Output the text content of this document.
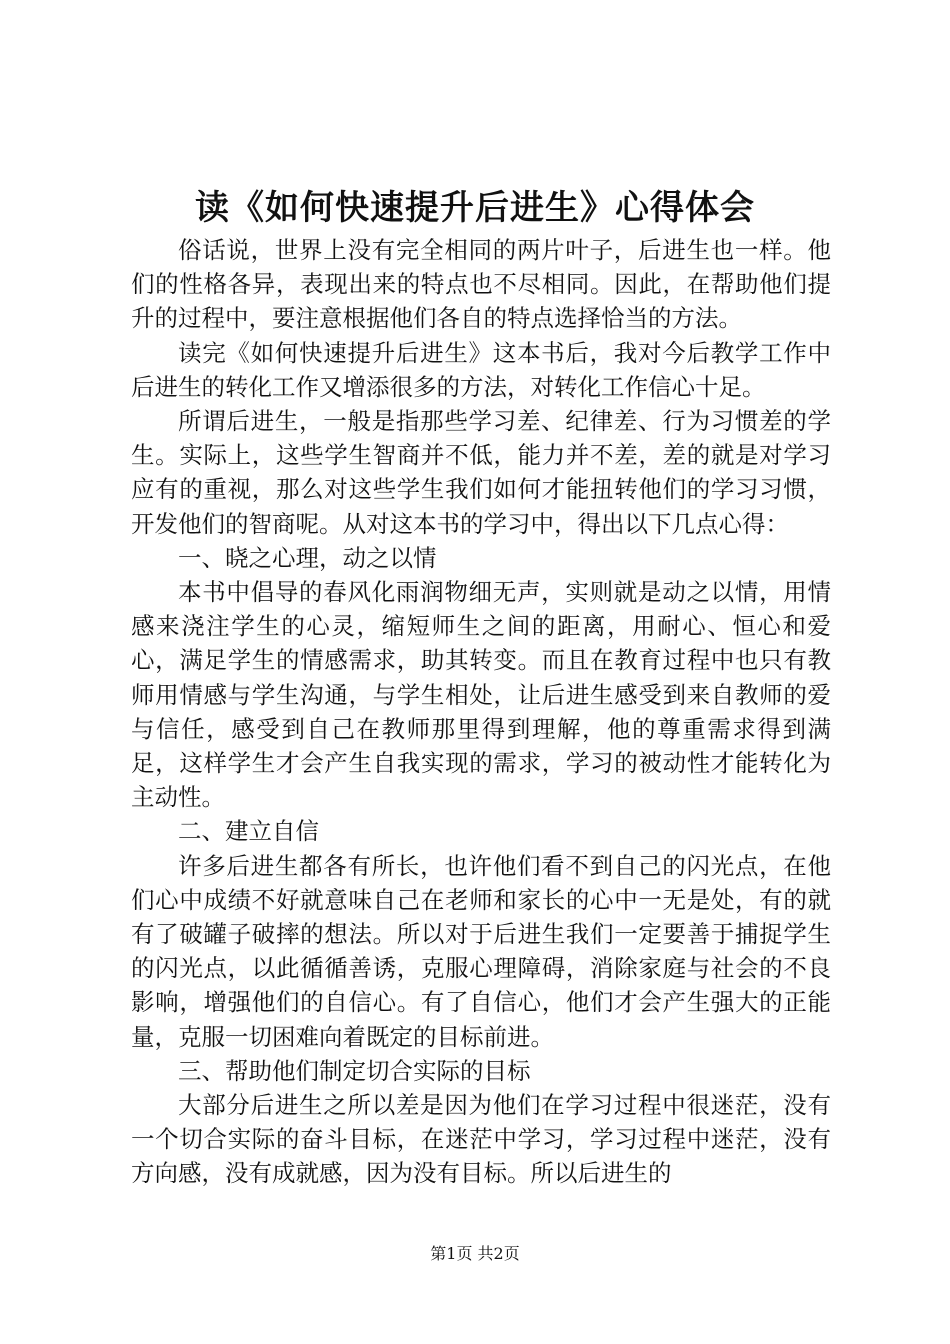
读《如何快速提升后进生》心得体会

俗话说，世界上没有完全相同的两片叶子，后进生也一样。他们的性格各异，表现出来的特点也不尽相同。因此，在帮助他们提升的过程中，要注意根据他们各自的特点选择恰当的方法。

读完《如何快速提升后进生》这本书后，我对今后教学工作中后进生的转化工作又增添很多的方法，对转化工作信心十足。

所谓后进生，一般是指那些学习差、纪律差、行为习惯差的学生。实际上，这些学生智商并不低，能力并不差，差的就是对学习应有的重视，那么对这些学生我们如何才能扭转他们的学习习惯，开发他们的智商呢。从对这本书的学习中，得出以下几点心得：

一、晓之心理，动之以情

本书中倡导的春风化雨润物细无声，实则就是动之以情，用情感来浇注学生的心灵，缩短师生之间的距离，用耐心、恒心和爱心，满足学生的情感需求，助其转变。而且在教育过程中也只有教师用情感与学生沟通，与学生相处，让后进生感受到来自教师的爱与信任，感受到自己在教师那里得到理解，他的尊重需求得到满足，这样学生才会产生自我实现的需求，学习的被动性才能转化为主动性。

二、建立自信

许多后进生都各有所长，也许他们看不到自己的闪光点，在他们心中成绩不好就意味自己在老师和家长的心中一无是处，有的就有了破罐子破摔的想法。所以对于后进生我们一定要善于捕捉学生的闪光点，以此循循善诱，克服心理障碍，消除家庭与社会的不良影响，增强他们的自信心。有了自信心，他们才会产生强大的正能量，克服一切困难向着既定的目标前进。

三、帮助他们制定切合实际的目标

大部分后进生之所以差是因为他们在学习过程中很迷茫，没有一个切合实际的奋斗目标，在迷茫中学习，学习过程中迷茫，没有方向感，没有成就感，因为没有目标。所以后进生的

第1页 共2页
